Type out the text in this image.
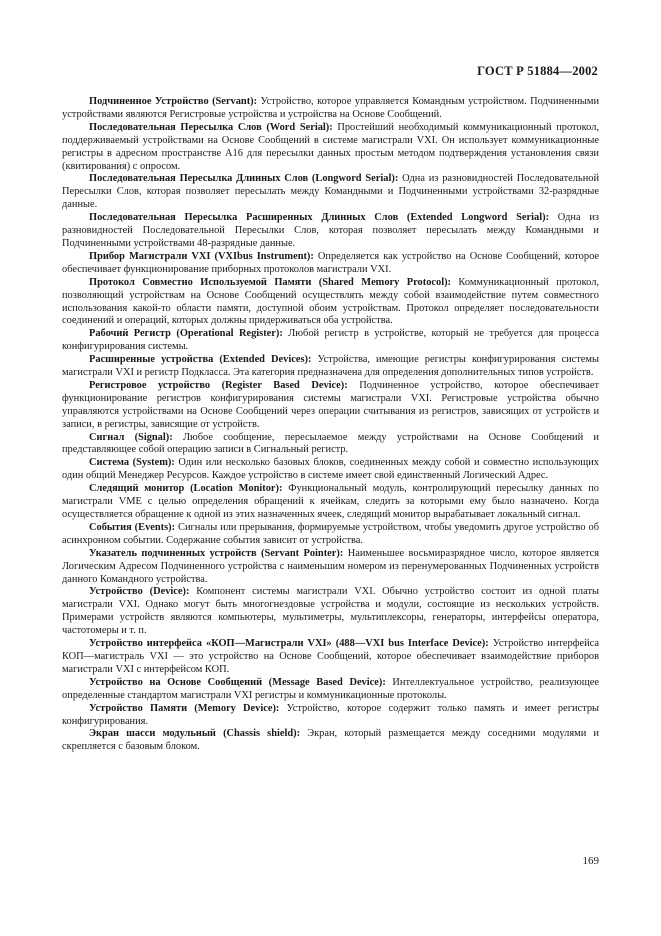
ГОСТ Р 51884—2002

Подчиненное Устройство (Servant): Устройство, которое управляется Командным устройством. Подчиненными устройствами являются Регистровые устройства и устройства на Основе Сообщений.

Последовательная Пересылка Слов (Word Serial): Простейший необходимый коммуникационный протокол, поддерживаемый устройствами на Основе Сообщений в системе магистрали VXI. Он использует коммуникационные регистры в адресном пространстве A16 для пересылки данных простым методом подтверждения установления связи (квитирования) с опросом.

Последовательная Пересылка Длинных Слов (Longword Serial): Одна из разновидностей Последовательной Пересылки Слов, которая позволяет пересылать между Командными и Подчиненными устройствами 32-разрядные данные.

Последовательная Пересылка Расширенных Длинных Слов (Extended Longword Serial): Одна из разновидностей Последовательной Пересылки Слов, которая позволяет пересылать между Командными и Подчиненными устройствами 48-разрядные данные.

Прибор Магистрали VXI (VXIbus Instrument): Определяется как устройство на Основе Сообщений, которое обеспечивает функционирование приборных протоколов магистрали VXI.

Протокол Совместно Используемой Памяти (Shared Memory Protocol): Коммуникационный протокол, позволяющий устройствам на Основе Сообщений осуществлять между собой взаимодействие путем совместного использования какой-то области памяти, доступной обоим устройствам. Протокол определяет последовательности соединений и операций, которых должны придерживаться оба устройства.

Рабочий Регистр (Operational Register): Любой регистр в устройстве, который не требуется для процесса конфигурирования системы.

Расширенные устройства (Extended Devices): Устройства, имеющие регистры конфигурирования системы магистрали VXI и регистр Подкласса. Эта категория предназначена для определения дополнительных типов устройств.

Регистровое устройство (Register Based Device): Подчиненное устройство, которое обеспечивает функционирование регистров конфигурирования системы магистрали VXI. Регистровые устройства обычно управляются устройствами на Основе Сообщений через операции считывания из регистров, зависящих от устройств и записи, в регистры, зависящие от устройств.

Сигнал (Signal): Любое сообщение, пересылаемое между устройствами на Основе Сообщений и представляющее собой операцию записи в Сигнальный регистр.

Система (System): Один или несколько базовых блоков, соединенных между собой и совместно использующих один общий Менеджер Ресурсов. Каждое устройство в системе имеет свой единственный Логический Адрес.

Следящий монитор (Location Monitor): Функциональный модуль, контролирующий пересылку данных по магистрали VME с целью определения обращений к ячейкам, следить за которыми ему было назначено. Когда осуществляется обращение к одной из этих назначенных ячеек, следящий монитор вырабатывает локальный сигнал.

События (Events): Сигналы или прерывания, формируемые устройством, чтобы уведомить другое устройство об асинхронном событии. Содержание события зависит от устройства.

Указатель подчиненных устройств (Servant Pointer): Наименьшее восьмиразрядное число, которое является Логическим Адресом Подчиненного устройства с наименьшим номером из перенумерованных Подчиненных устройств данного Командного устройства.

Устройство (Device): Компонент системы магистрали VXI. Обычно устройство состоит из одной платы магистрали VXI. Однако могут быть многогнездовые устройства и модули, состоящие из нескольких устройств. Примерами устройств являются компьютеры, мультиметры, мультиплексоры, генераторы, интерфейсы оператора, частотомеры и т. п.

Устройство интерфейса «КОП—Магистрали VXI» (488—VXI bus Interface Device): Устройство интерфейса КОП—магистраль VXI — это устройство на Основе Сообщений, которое обеспечивает взаимодействие приборов магистрали VXI с интерфейсом КОП.

Устройство на Основе Сообщений (Message Based Device): Интеллектуальное устройство, реализующее определенные стандартом магистрали VXI регистры и коммуникационные протоколы.

Устройство Памяти (Memory Device): Устройство, которое содержит только память и имеет регистры конфигурирования.

Экран шасси модульный (Chassis shield): Экран, который размещается между соседними модулями и скрепляется с базовым блоком.

169
